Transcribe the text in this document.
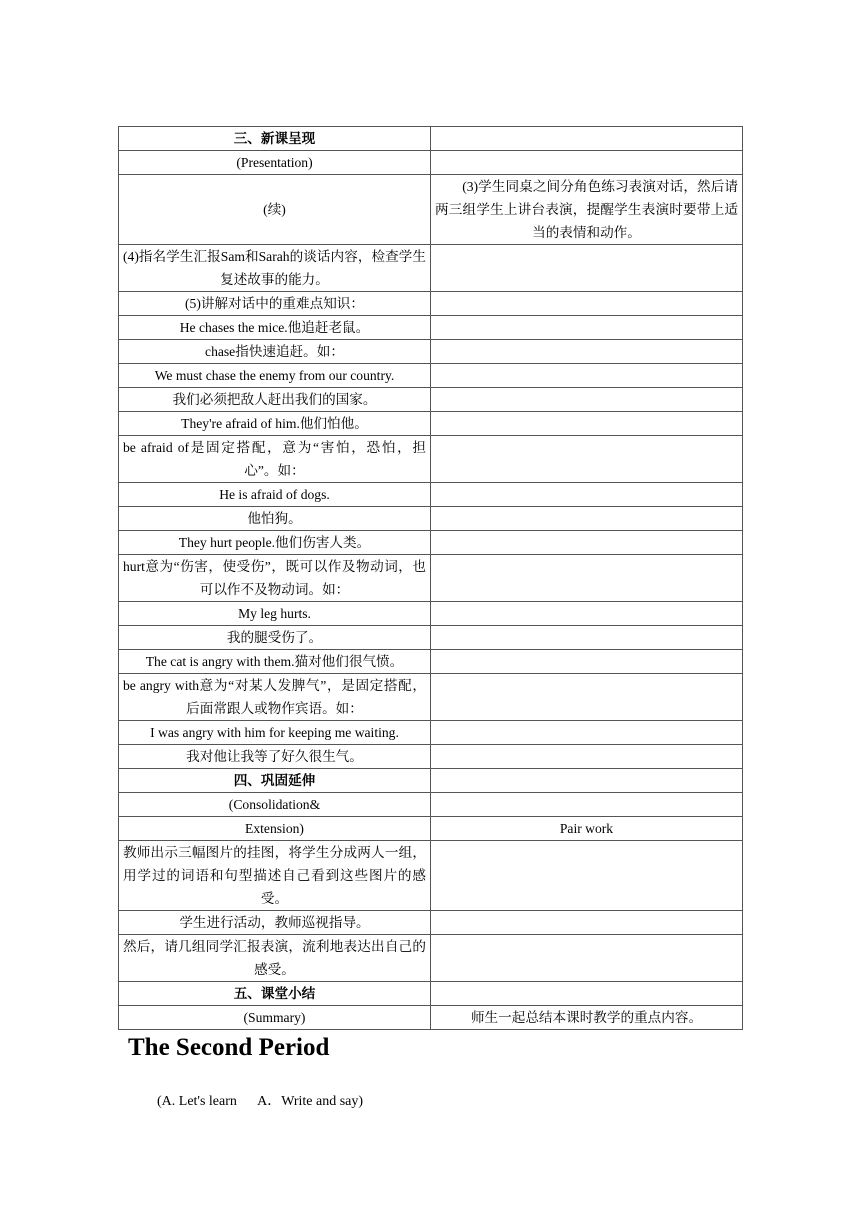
三、新课呈现	
(Presentation)	
(续)	(3)学生同桌之间分角色练习表演对话，然后请两三组学生上讲台表演，提醒学生表演时要带上适当的表情和动作。
(4)指名学生汇报Sam和Sarah的谈话内容，检查学生复述故事的能力。	
(5)讲解对话中的重难点知识：	
He chases the mice.他追赶老鼠。	
chase指快速追赶。如：	
We must chase the enemy from our country.	
我们必须把敌人赶出我们的国家。	
They're afraid of him.他们怕他。	
be afraid of是固定搭配，意为“害怕，恐怕，担心”。如：	
He is afraid of dogs.	
他怕狗。	
They hurt people.他们伤害人类。	
hurt意为“伤害，使受伤”，既可以作及物动词，也可以作不及物动词。如：	
My leg hurts.	
我的腿受伤了。	
The cat is angry with them.猫对他们很气愤。	
be angry with意为“对某人发脾气”，是固定搭配，后面常跟人或物作宾语。如：	
I was angry with him for keeping me waiting.	
我对他让我等了好久很生气。	
四、巩固延伸	
(Consolidation&	
Extension)	Pair work
教师出示三幅图片的挂图，将学生分成两人一组，用学过的词语和句型描述自己看到这些图片的感受。	
学生进行活动，教师巡视指导。	
然后，请几组同学汇报表演，流利地表达出自己的感受。	
五、课堂小结	
(Summary)	师生一起总结本课时教学的重点内容。
The Second Period
(A. Let's learn      A．Write and say)
